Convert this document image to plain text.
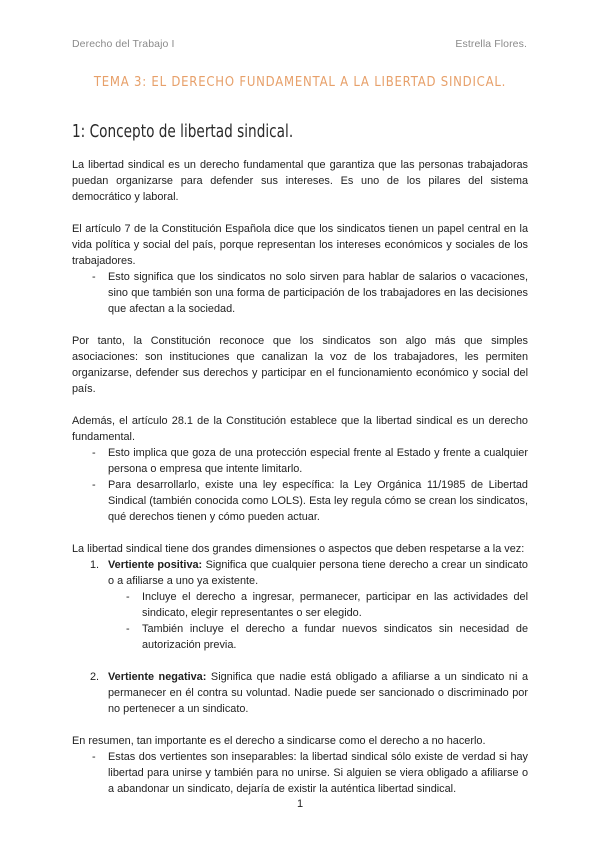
Derecho del Trabajo I	Estrella Flores.
TEMA 3: EL DERECHO FUNDAMENTAL A LA LIBERTAD SINDICAL.
1: Concepto de libertad sindical.

La libertad sindical es un derecho fundamental que garantiza que las personas trabajadoras puedan organizarse para defender sus intereses. Es uno de los pilares del sistema democrático y laboral.

El artículo 7 de la Constitución Española dice que los sindicatos tienen un papel central en la vida política y social del país, porque representan los intereses económicos y sociales de los trabajadores.

- Esto significa que los sindicatos no solo sirven para hablar de salarios o vacaciones, sino que también son una forma de participación de los trabajadores en las decisiones que afectan a la sociedad.

Por tanto, la Constitución reconoce que los sindicatos son algo más que simples asociaciones: son instituciones que canalizan la voz de los trabajadores, les permiten organizarse, defender sus derechos y participar en el funcionamiento económico y social del país.

Además, el artículo 28.1 de la Constitución establece que la libertad sindical es un derecho fundamental.

- Esto implica que goza de una protección especial frente al Estado y frente a cualquier persona o empresa que intente limitarlo.
- Para desarrollarlo, existe una ley específica: la Ley Orgánica 11/1985 de Libertad Sindical (también conocida como LOLS). Esta ley regula cómo se crean los sindicatos, qué derechos tienen y cómo pueden actuar.

La libertad sindical tiene dos grandes dimensiones o aspectos que deben respetarse a la vez:

1. Vertiente positiva: Significa que cualquier persona tiene derecho a crear un sindicato o a afiliarse a uno ya existente.
- Incluye el derecho a ingresar, permanecer, participar en las actividades del sindicato, elegir representantes o ser elegido.
- También incluye el derecho a fundar nuevos sindicatos sin necesidad de autorización previa.
2. Vertiente negativa: Significa que nadie está obligado a afiliarse a un sindicato ni a permanecer en él contra su voluntad. Nadie puede ser sancionado o discriminado por no pertenecer a un sindicato.

En resumen, tan importante es el derecho a sindicarse como el derecho a no hacerlo.

- Estas dos vertientes son inseparables: la libertad sindical sólo existe de verdad si hay libertad para unirse y también para no unirse. Si alguien se viera obligado a afiliarse o a abandonar un sindicato, dejaría de existir la auténtica libertad sindical.
1
